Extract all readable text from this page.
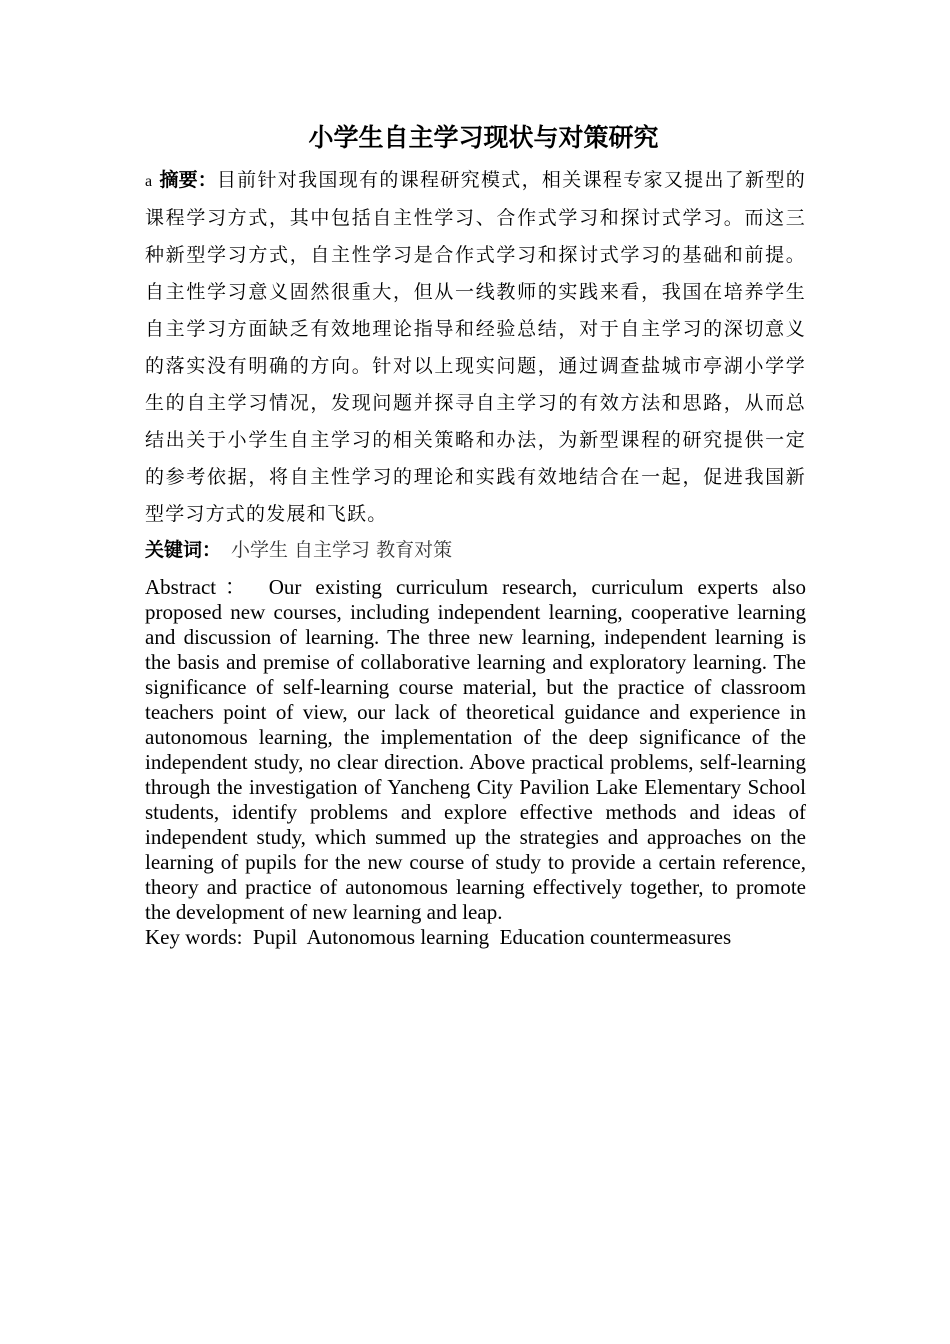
小学生自主学习现状与对策研究

a 摘要：目前针对我国现有的课程研究模式，相关课程专家又提出了新型的课程学习方式，其中包括自主性学习、合作式学习和探讨式学习。而这三种新型学习方式，自主性学习是合作式学习和探讨式学习的基础和前提。自主性学习意义固然很重大，但从一线教师的实践来看，我国在培养学生自主学习方面缺乏有效地理论指导和经验总结，对于自主学习的深切意义的落实没有明确的方向。针对以上现实问题，通过调查盐城市亭湖小学学生的自主学习情况，发现问题并探寻自主学习的有效方法和思路，从而总结出关于小学生自主学习的相关策略和办法，为新型课程的研究提供一定的参考依据，将自主性学习的理论和实践有效地结合在一起，促进我国新型学习方式的发展和飞跃。

关键词： 小学生 自主学习 教育对策

Abstract： Our existing curriculum research, curriculum experts also proposed new courses, including independent learning, cooperative learning and discussion of learning. The three new learning, independent learning is the basis and premise of collaborative learning and exploratory learning. The significance of self-learning course material, but the practice of classroom teachers point of view, our lack of theoretical guidance and experience in autonomous learning, the implementation of the deep significance of the independent study, no clear direction. Above practical problems, self-learning through the investigation of Yancheng City Pavilion Lake Elementary School students, identify problems and explore effective methods and ideas of independent study, which summed up the strategies and approaches on the learning of pupils for the new course of study to provide a certain reference, theory and practice of autonomous learning effectively together, to promote the development of new learning and leap.

Key words:  Pupil  Autonomous learning  Education countermeasures
